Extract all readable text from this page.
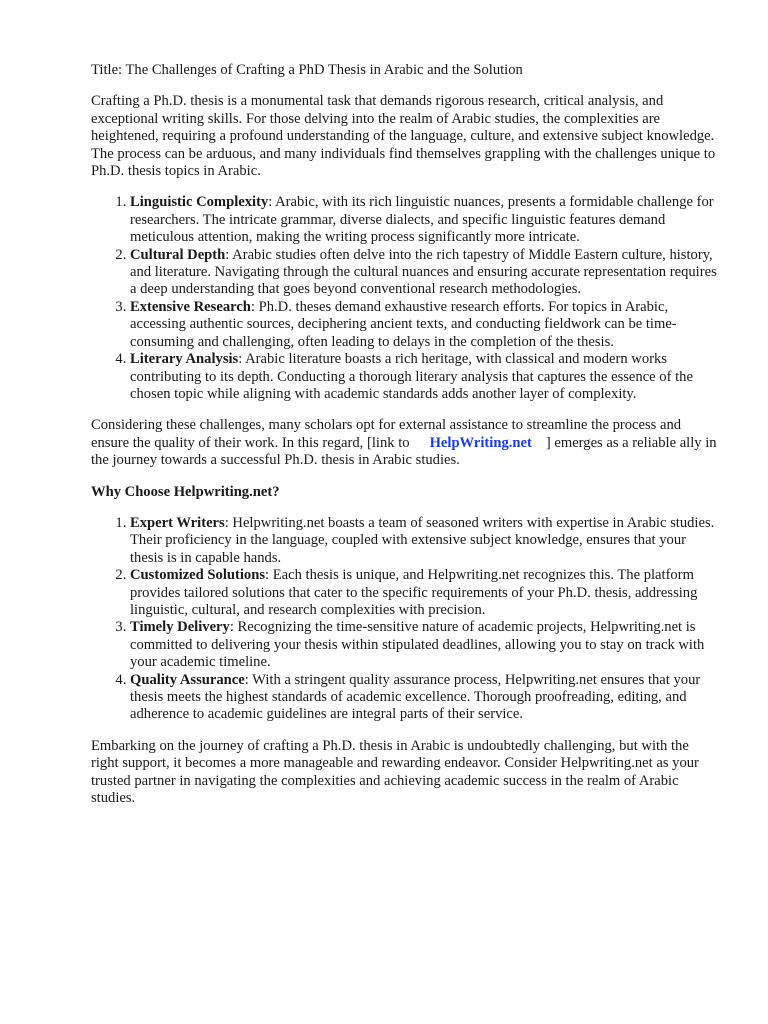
Title: The Challenges of Crafting a PhD Thesis in Arabic and the Solution

Crafting a Ph.D. thesis is a monumental task that demands rigorous research, critical analysis, and exceptional writing skills. For those delving into the realm of Arabic studies, the complexities are heightened, requiring a profound understanding of the language, culture, and extensive subject knowledge. The process can be arduous, and many individuals find themselves grappling with the challenges unique to Ph.D. thesis topics in Arabic.

1. Linguistic Complexity: Arabic, with its rich linguistic nuances, presents a formidable challenge for researchers. The intricate grammar, diverse dialects, and specific linguistic features demand meticulous attention, making the writing process significantly more intricate.
2. Cultural Depth: Arabic studies often delve into the rich tapestry of Middle Eastern culture, history, and literature. Navigating through the cultural nuances and ensuring accurate representation requires a deep understanding that goes beyond conventional research methodologies.
3. Extensive Research: Ph.D. theses demand exhaustive research efforts. For topics in Arabic, accessing authentic sources, deciphering ancient texts, and conducting fieldwork can be time-consuming and challenging, often leading to delays in the completion of the thesis.
4. Literary Analysis: Arabic literature boasts a rich heritage, with classical and modern works contributing to its depth. Conducting a thorough literary analysis that captures the essence of the chosen topic while aligning with academic standards adds another layer of complexity.

Considering these challenges, many scholars opt for external assistance to streamline the process and ensure the quality of their work. In this regard, [link to HelpWriting.net ] emerges as a reliable ally in the journey towards a successful Ph.D. thesis in Arabic studies.

Why Choose Helpwriting.net?

1. Expert Writers: Helpwriting.net boasts a team of seasoned writers with expertise in Arabic studies. Their proficiency in the language, coupled with extensive subject knowledge, ensures that your thesis is in capable hands.
2. Customized Solutions: Each thesis is unique, and Helpwriting.net recognizes this. The platform provides tailored solutions that cater to the specific requirements of your Ph.D. thesis, addressing linguistic, cultural, and research complexities with precision.
3. Timely Delivery: Recognizing the time-sensitive nature of academic projects, Helpwriting.net is committed to delivering your thesis within stipulated deadlines, allowing you to stay on track with your academic timeline.
4. Quality Assurance: With a stringent quality assurance process, Helpwriting.net ensures that your thesis meets the highest standards of academic excellence. Thorough proofreading, editing, and adherence to academic guidelines are integral parts of their service.

Embarking on the journey of crafting a Ph.D. thesis in Arabic is undoubtedly challenging, but with the right support, it becomes a more manageable and rewarding endeavor. Consider Helpwriting.net as your trusted partner in navigating the complexities and achieving academic success in the realm of Arabic studies.
